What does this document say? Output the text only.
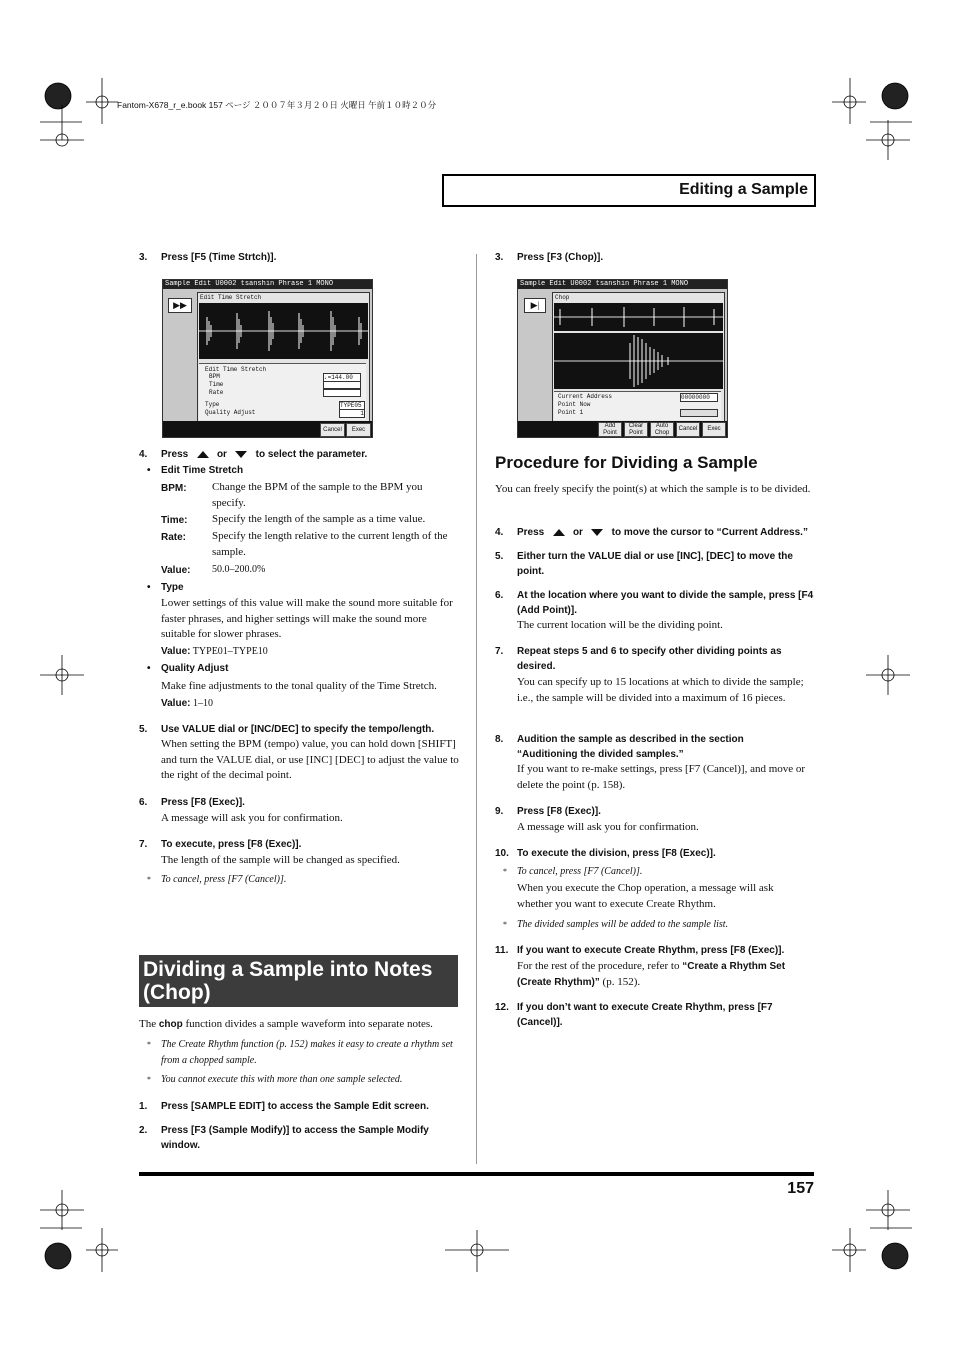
Fantom-X678_r_e.book 157 ページ ２００７年３月２０日 火曜日 午前１０時２０分
Editing a Sample
3. Press [F5 (Time Strtch)].
Sample Edit U0002 tsanshin Phrase 1 MONO
▶▶
Edit Time Stretch
Edit Time Stretch
BPM	♩=144.00
Time
Rate
Type	TYPE05
Quality Adjust	1
Cancel	Exec
4. Press	or	to select the parameter.
• Edit Time Stretch
BPM: Change the BPM of the sample to the BPM you specify.
Time: Specify the length of the sample as a time value.
Rate: Specify the length relative to the current length of the sample.
Value: 50.0–200.0%
• Type
Lower settings of this value will make the sound more suitable for faster phrases, and higher settings will make the sound more suitable for slower phrases.
Value: TYPE01–TYPE10
• Quality Adjust
Make fine adjustments to the tonal quality of the Time Stretch.
Value: 1–10
5. Use VALUE dial or [INC/DEC] to specify the tempo/length.
When setting the BPM (tempo) value, you can hold down [SHIFT] and turn the VALUE dial, or use [INC] [DEC] to adjust the value to the right of the decimal point.
6. Press [F8 (Exec)].
A message will ask you for confirmation.
7. To execute, press [F8 (Exec)].
The length of the sample will be changed as specified.
* To cancel, press [F7 (Cancel)].
Dividing a Sample into Notes (Chop)
The chop function divides a sample waveform into separate notes.
* The Create Rhythm function (p. 152) makes it easy to create a rhythm set from a chopped sample.
* You cannot execute this with more than one sample selected.
1. Press [SAMPLE EDIT] to access the Sample Edit screen.
2. Press [F3 (Sample Modify)] to access the Sample Modify window.
3. Press [F3 (Chop)].
Sample Edit U0002 tsanshin Phrase 1 MONO
▶|
Chop
Current Address	00000000
Point Now
Point 1
Add Point
Clear Point
Auto Chop
Cancel	Exec
Procedure for Dividing a Sample
You can freely specify the point(s) at which the sample is to be divided.
4. Press	or	to move the cursor to “Current Address.”
5. Either turn the VALUE dial or use [INC], [DEC] to move the point.
6. At the location where you want to divide the sample, press [F4 (Add Point)].
The current location will be the dividing point.
7. Repeat steps 5 and 6 to specify other dividing points as desired.
You can specify up to 15 locations at which to divide the sample; i.e., the sample will be divided into a maximum of 16 pieces.
8. Audition the sample as described in the section “Auditioning the divided samples.”
If you want to re-make settings, press [F7 (Cancel)], and move or delete the point (p. 158).
9. Press [F8 (Exec)].
A message will ask you for confirmation.
10. To execute the division, press [F8 (Exec)].
* To cancel, press [F7 (Cancel)].
When you execute the Chop operation, a message will ask whether you want to execute Create Rhythm.
* The divided samples will be added to the sample list.
11. If you want to execute Create Rhythm, press [F8 (Exec)].
For the rest of the procedure, refer to “Create a Rhythm Set (Create Rhythm)” (p. 152).
12. If you don’t want to execute Create Rhythm, press [F7 (Cancel)].
157
